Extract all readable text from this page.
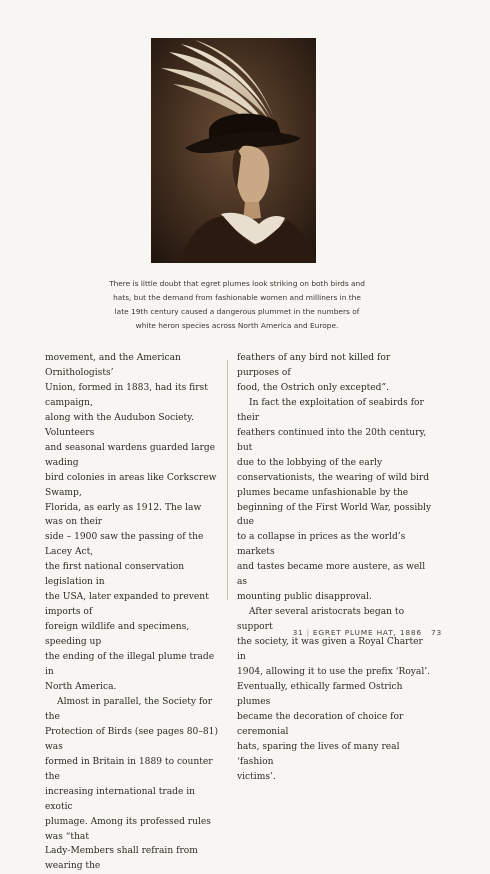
There is little doubt that egret plumes look striking on both birds and
hats, but the demand from fashionable women and milliners in the
late 19th century caused a dangerous plummet in the numbers of
white heron species across North America and Europe.

movement, and the American Ornithologists’

Union, formed in 1883, had its first campaign,

along with the Audubon Society. Volunteers

and seasonal wardens guarded large wading

bird colonies in areas like Corkscrew Swamp,

Florida, as early as 1912. The law was on their

side – 1900 saw the passing of the Lacey Act,

the first national conservation legislation in

the USA, later expanded to prevent imports of

foreign wildlife and specimens, speeding up

the ending of the illegal plume trade in

North America.

Almost in parallel, the Society for the

Protection of Birds (see pages 80–81) was

formed in Britain in 1889 to counter the

increasing international trade in exotic

plumage. Among its professed rules was “that

Lady-Members shall refrain from wearing the

feathers of any bird not killed for purposes of

food, the Ostrich only excepted”.

In fact the exploitation of seabirds for their

feathers continued into the 20th century, but

due to the lobbying of the early

conservationists, the wearing of wild bird

plumes became unfashionable by the

beginning of the First World War, possibly due

to a collapse in prices as the world’s markets

and tastes became more austere, as well as

mounting public disapproval.

After several aristocrats began to support

the society, it was given a Royal Charter in

1904, allowing it to use the prefix ‘Royal’.

Eventually, ethically farmed Ostrich plumes

became the decoration of choice for ceremonial

hats, sparing the lives of many real ‘fashion

victims’.

31 | EGRET PLUME HAT, 1886 73
